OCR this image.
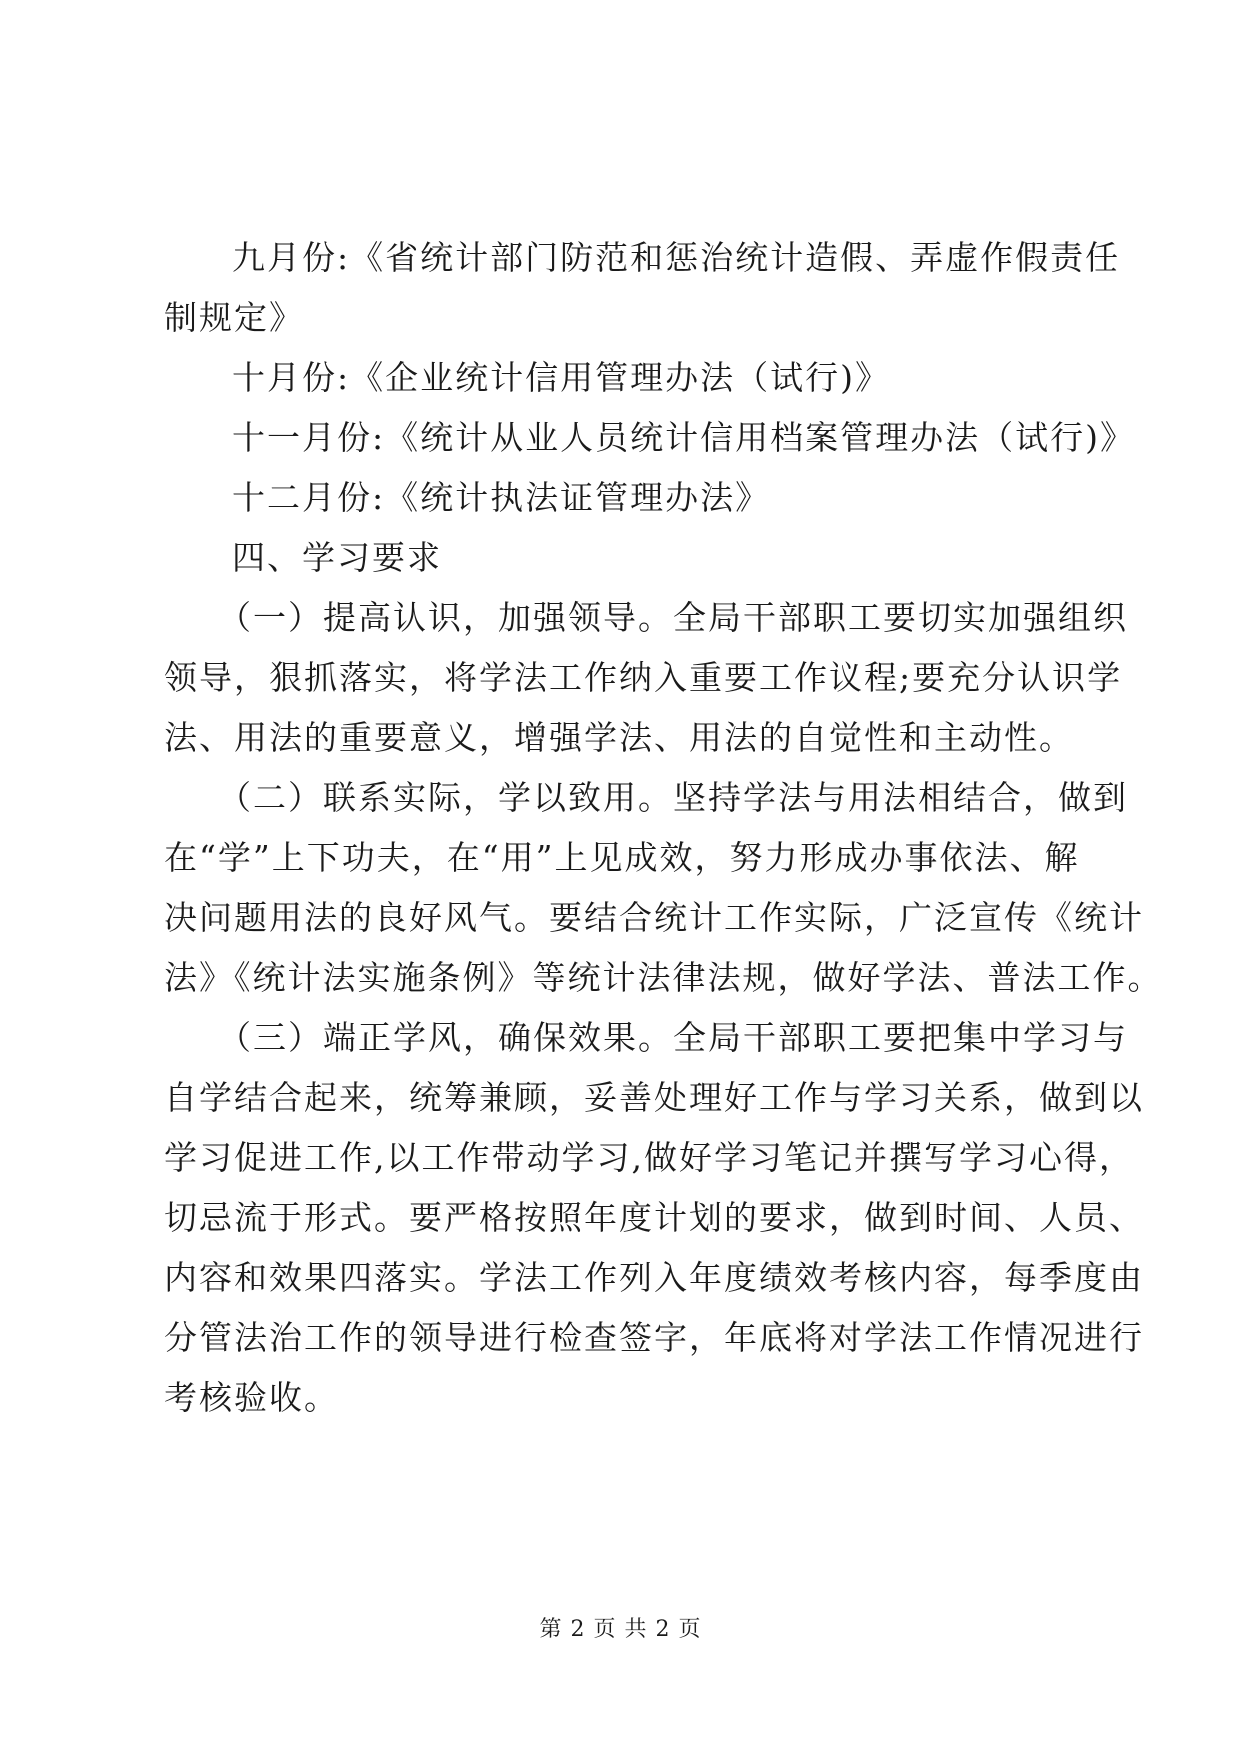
九月份:《省统计部门防范和惩治统计造假、弄虚作假责任
制规定》
十月份:《企业统计信用管理办法（试行)》
十一月份:《统计从业人员统计信用档案管理办法（试行)》
十二月份:《统计执法证管理办法》
四、学习要求
（一）提高认识，加强领导。全局干部职工要切实加强组织
领导，狠抓落实，将学法工作纳入重要工作议程;要充分认识学
法、用法的重要意义，增强学法、用法的自觉性和主动性。
（二）联系实际，学以致用。坚持学法与用法相结合，做到
在“学”上下功夫，在“用”上见成效，努力形成办事依法、解
决问题用法的良好风气。要结合统计工作实际，广泛宣传《统计
法》《统计法实施条例》等统计法律法规，做好学法、普法工作。
（三）端正学风，确保效果。全局干部职工要把集中学习与
自学结合起来，统筹兼顾，妥善处理好工作与学习关系，做到以
学习促进工作,以工作带动学习,做好学习笔记并撰写学习心得，
切忌流于形式。要严格按照年度计划的要求，做到时间、人员、
内容和效果四落实。学法工作列入年度绩效考核内容，每季度由
分管法治工作的领导进行检查签字，年底将对学法工作情况进行
考核验收。
第 2 页 共 2 页
